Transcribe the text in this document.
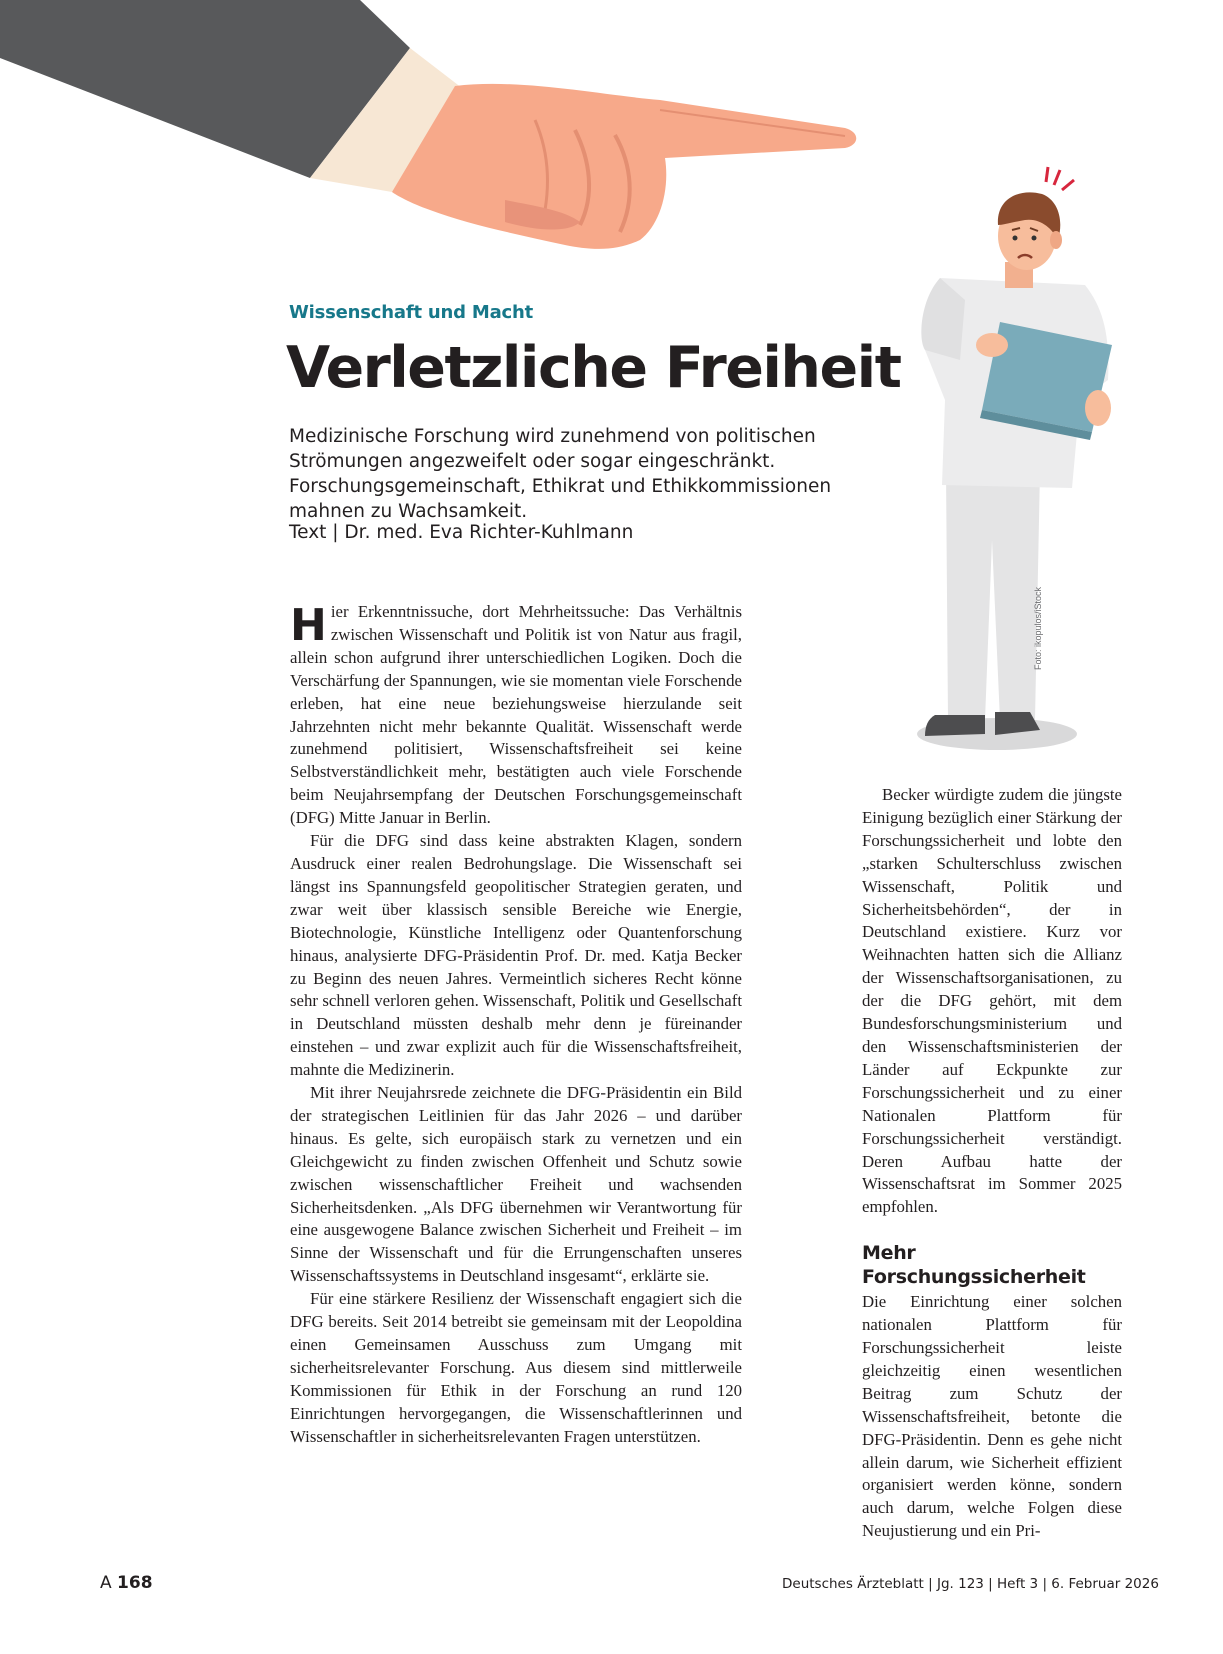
Foto: ikopulos/iStock
Wissenschaft und Macht
Verletzliche Freiheit

Medizinische Forschung wird zunehmend von politischen Strömungen angezweifelt oder sogar eingeschränkt. Forschungsgemeinschaft, Ethikrat und Ethikkommissionen mahnen zu Wachsamkeit.

Text | Dr. med. Eva Richter-Kuhlmann

Hier Erkenntnissuche, dort Mehrheitssuche: Das Verhältnis zwischen Wissenschaft und Politik ist von Natur aus fragil, allein schon aufgrund ihrer unterschiedlichen Logiken. Doch die Verschärfung der Spannungen, wie sie momentan viele Forschende erleben, hat eine neue beziehungsweise hierzulande seit Jahrzehnten nicht mehr bekannte Qualität. Wissenschaft werde zunehmend politisiert, Wissenschaftsfreiheit sei keine Selbstverständlichkeit mehr, bestätigten auch viele Forschende beim Neujahrsempfang der Deutschen Forschungsgemeinschaft (DFG) Mitte Januar in Berlin.

Für die DFG sind dass keine abstrakten Klagen, sondern Ausdruck einer realen Bedrohungslage. Die Wissenschaft sei längst ins Spannungsfeld geopolitischer Strategien geraten, und zwar weit über klassisch sensible Bereiche wie Energie, Biotechnologie, Künstliche Intelligenz oder Quantenforschung hinaus, analysierte DFG-Präsidentin Prof. Dr. med. Katja Becker zu Beginn des neuen Jahres. Vermeintlich sicheres Recht könne sehr schnell verloren gehen. Wissenschaft, Politik und Gesellschaft in Deutschland müssten deshalb mehr denn je füreinander einstehen – und zwar explizit auch für die Wissenschaftsfreiheit, mahnte die Medizinerin.

Mit ihrer Neujahrsrede zeichnete die DFG-Präsidentin ein Bild der strategischen Leitlinien für das Jahr 2026 – und darüber hinaus. Es gelte, sich europäisch stark zu vernetzen und ein Gleichgewicht zu finden zwischen Offenheit und Schutz sowie zwischen wissenschaftlicher Freiheit und wachsenden Sicherheitsdenken. „Als DFG übernehmen wir Verantwortung für eine ausgewogene Balance zwischen Sicherheit und Freiheit – im Sinne der Wissenschaft und für die Errungenschaften unseres Wissenschaftssystems in Deutschland insgesamt“, erklärte sie.

Für eine stärkere Resilienz der Wissenschaft engagiert sich die DFG bereits. Seit 2014 betreibt sie gemeinsam mit der Leopoldina einen Gemeinsamen Ausschuss zum Umgang mit sicherheitsrelevanter Forschung. Aus diesem sind mittlerweile Kommissionen für Ethik in der Forschung an rund 120 Einrichtungen hervorgegangen, die Wissenschaftlerinnen und Wissenschaftler in sicherheitsrelevanten Fragen unterstützen.

Becker würdigte zudem die jüngste Einigung bezüglich einer Stärkung der Forschungssicherheit und lobte den „starken Schulterschluss zwischen Wissenschaft, Politik und Sicherheitsbehörden“, der in Deutschland existiere. Kurz vor Weihnachten hatten sich die Allianz der Wissenschaftsorganisationen, zu der die DFG gehört, mit dem Bundesforschungsministerium und den Wissenschaftsministerien der Länder auf Eckpunkte zur Forschungssicherheit und zu einer Nationalen Plattform für Forschungssicherheit verständigt. Deren Aufbau hatte der Wissenschaftsrat im Sommer 2025 empfohlen.

Mehr Forschungssicherheit

Die Einrichtung einer solchen nationalen Plattform für Forschungssicherheit leiste gleichzeitig einen wesentlichen Beitrag zum Schutz der Wissenschaftsfreiheit, betonte die DFG-Präsidentin. Denn es gehe nicht allein darum, wie Sicherheit effizient organisiert werden könne, sondern auch darum, welche Folgen diese Neujustierung und ein Pri-

A 168	Deutsches Ärzteblatt | Jg. 123 | Heft 3 | 6. Februar 2026
